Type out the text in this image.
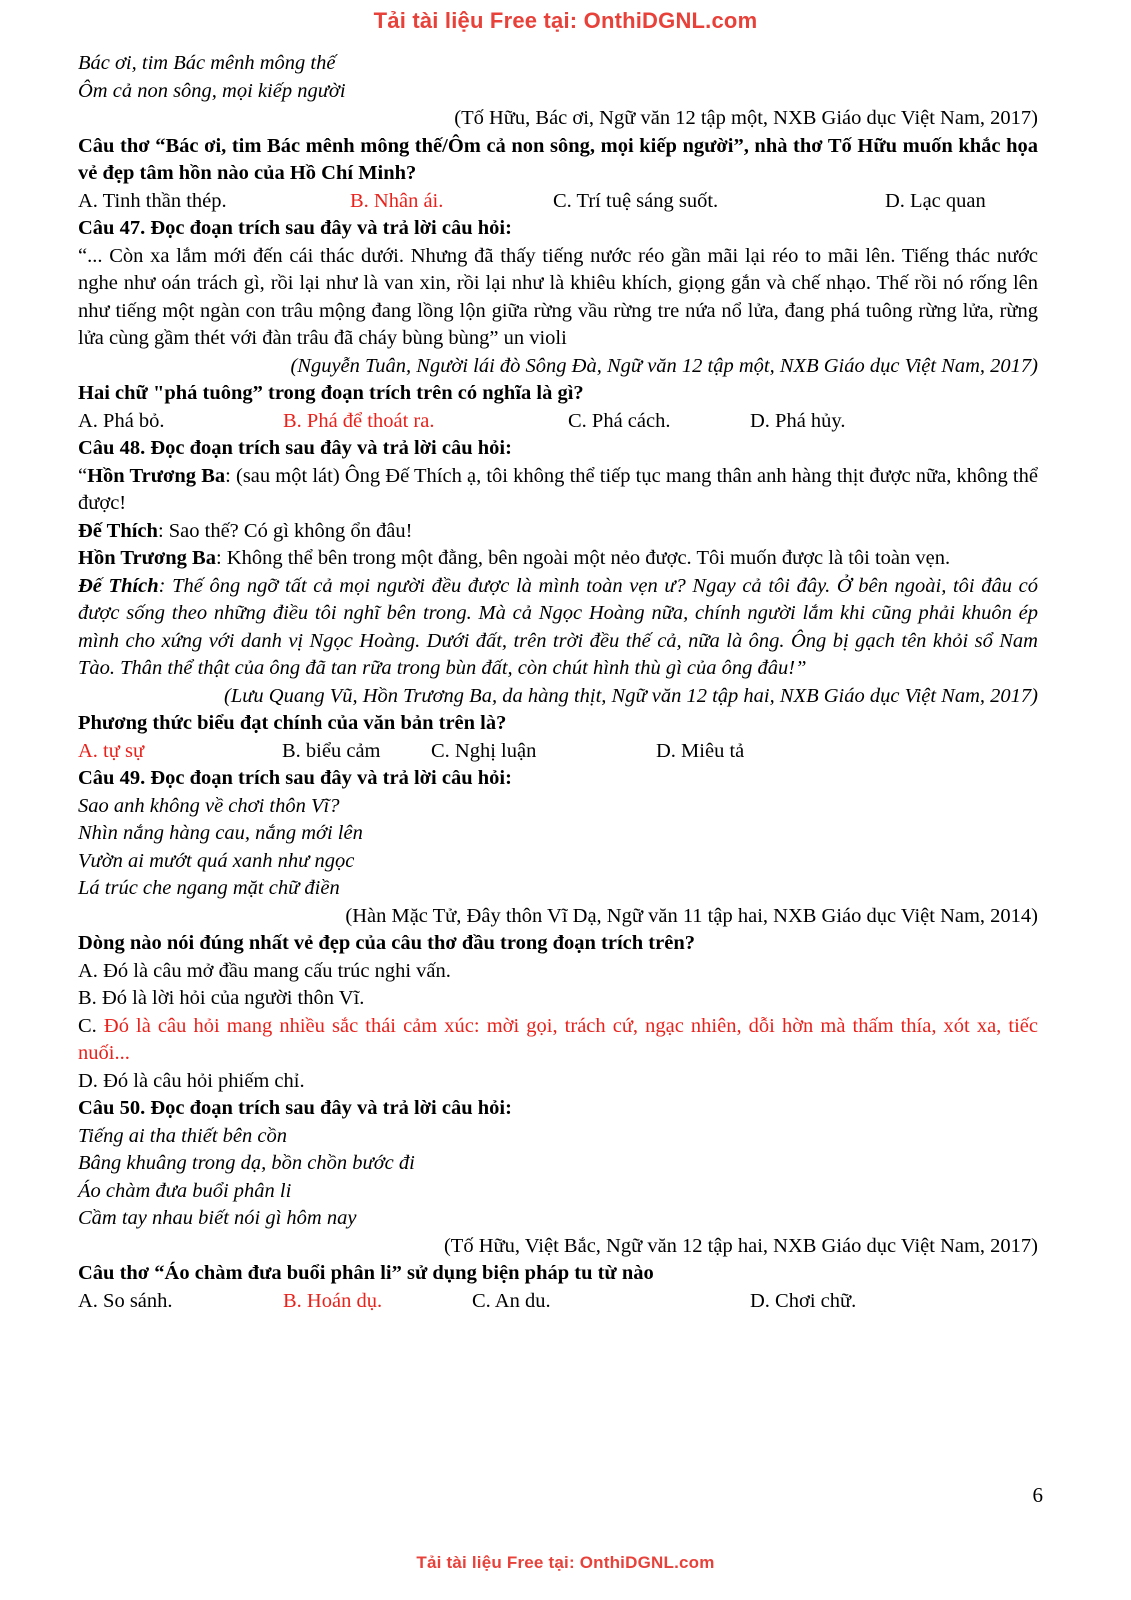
Tải tài liệu Free tại: OnthiDGNL.com

Bác ơi, tim Bác mênh mông thế

Ôm cả non sông, mọi kiếp người

(Tố Hữu, Bác ơi, Ngữ văn 12 tập một, NXB Giáo dục Việt Nam, 2017)

Câu thơ “Bác ơi, tim Bác mênh mông thế/Ôm cả non sông, mọi kiếp người”, nhà thơ Tố Hữu muốn khắc họa vẻ đẹp tâm hồn nào của Hồ Chí Minh?

A. Tinh thần thép.	B. Nhân ái.	C. Trí tuệ sáng suốt.	D. Lạc quan

Câu 47. Đọc đoạn trích sau đây và trả lời câu hỏi:

“... Còn xa lắm mới đến cái thác dưới. Nhưng đã thấy tiếng nước réo gần mãi lại réo to mãi lên. Tiếng thác nước nghe như oán trách gì, rồi lại như là van xin, rồi lại như là khiêu khích, giọng gắn và chế nhạo. Thế rồi nó rống lên như tiếng một ngàn con trâu mộng đang lồng lộn giữa rừng vầu rừng tre nứa nổ lửa, đang phá tuông rừng lửa, rừng lửa cùng gầm thét với đàn trâu đã cháy bùng bùng” un violi

(Nguyễn Tuân, Người lái đò Sông Đà, Ngữ văn 12 tập một, NXB Giáo dục Việt Nam, 2017)

Hai chữ "phá tuông” trong đoạn trích trên có nghĩa là gì?

A. Phá bỏ.	B. Phá để thoát ra.	C. Phá cách.	D. Phá hủy.

Câu 48. Đọc đoạn trích sau đây và trả lời câu hỏi:

“Hồn Trương Ba: (sau một lát) Ông Đế Thích ạ, tôi không thể tiếp tục mang thân anh hàng thịt được nữa, không thể được!

Đế Thích: Sao thế? Có gì không ổn đâu!

Hồn Trương Ba: Không thể bên trong một đằng, bên ngoài một nẻo được. Tôi muốn được là tôi toàn vẹn.

Đế Thích: Thế ông ngỡ tất cả mọi người đều được là mình toàn vẹn ư? Ngay cả tôi đây. Ở bên ngoài, tôi đâu có được sống theo những điều tôi nghĩ bên trong. Mà cả Ngọc Hoàng nữa, chính người lắm khi cũng phải khuôn ép mình cho xứng với danh vị Ngọc Hoàng. Dưới đất, trên trời đều thế cả, nữa là ông. Ông bị gạch tên khỏi sổ Nam Tào. Thân thể thật của ông đã tan rữa trong bùn đất, còn chút hình thù gì của ông đâu!”

(Lưu Quang Vũ, Hồn Trương Ba, da hàng thịt, Ngữ văn 12 tập hai, NXB Giáo dục Việt Nam, 2017)

Phương thức biểu đạt chính của văn bản trên là?

A. tự sự	B. biểu cảm C. Nghị luận	D. Miêu tả

Câu 49. Đọc đoạn trích sau đây và trả lời câu hỏi:

Sao anh không về chơi thôn Vĩ?

Nhìn nắng hàng cau, nắng mới lên

Vườn ai mướt quá xanh như ngọc

Lá trúc che ngang mặt chữ điền

(Hàn Mặc Tử, Đây thôn Vĩ Dạ, Ngữ văn 11 tập hai, NXB Giáo dục Việt Nam, 2014)

Dòng nào nói đúng nhất vẻ đẹp của câu thơ đầu trong đoạn trích trên?

A. Đó là câu mở đầu mang cấu trúc nghi vấn.

B. Đó là lời hỏi của người thôn Vĩ.

C. Đó là câu hỏi mang nhiều sắc thái cảm xúc: mời gọi, trách cứ, ngạc nhiên, dỗi hờn mà thấm thía, xót xa, tiếc nuối...

D. Đó là câu hỏi phiếm chỉ.

Câu 50. Đọc đoạn trích sau đây và trả lời câu hỏi:

Tiếng ai tha thiết bên cồn

Bâng khuâng trong dạ, bồn chồn bước đi

Áo chàm đưa buổi phân li

Cầm tay nhau biết nói gì hôm nay

(Tố Hữu, Việt Bắc, Ngữ văn 12 tập hai, NXB Giáo dục Việt Nam, 2017)

Câu thơ “Áo chàm đưa buổi phân li” sử dụng biện pháp tu từ nào

A. So sánh.	B. Hoán dụ.	C. An du.	D. Chơi chữ.
6
Tải tài liệu Free tại: OnthiDGNL.com
